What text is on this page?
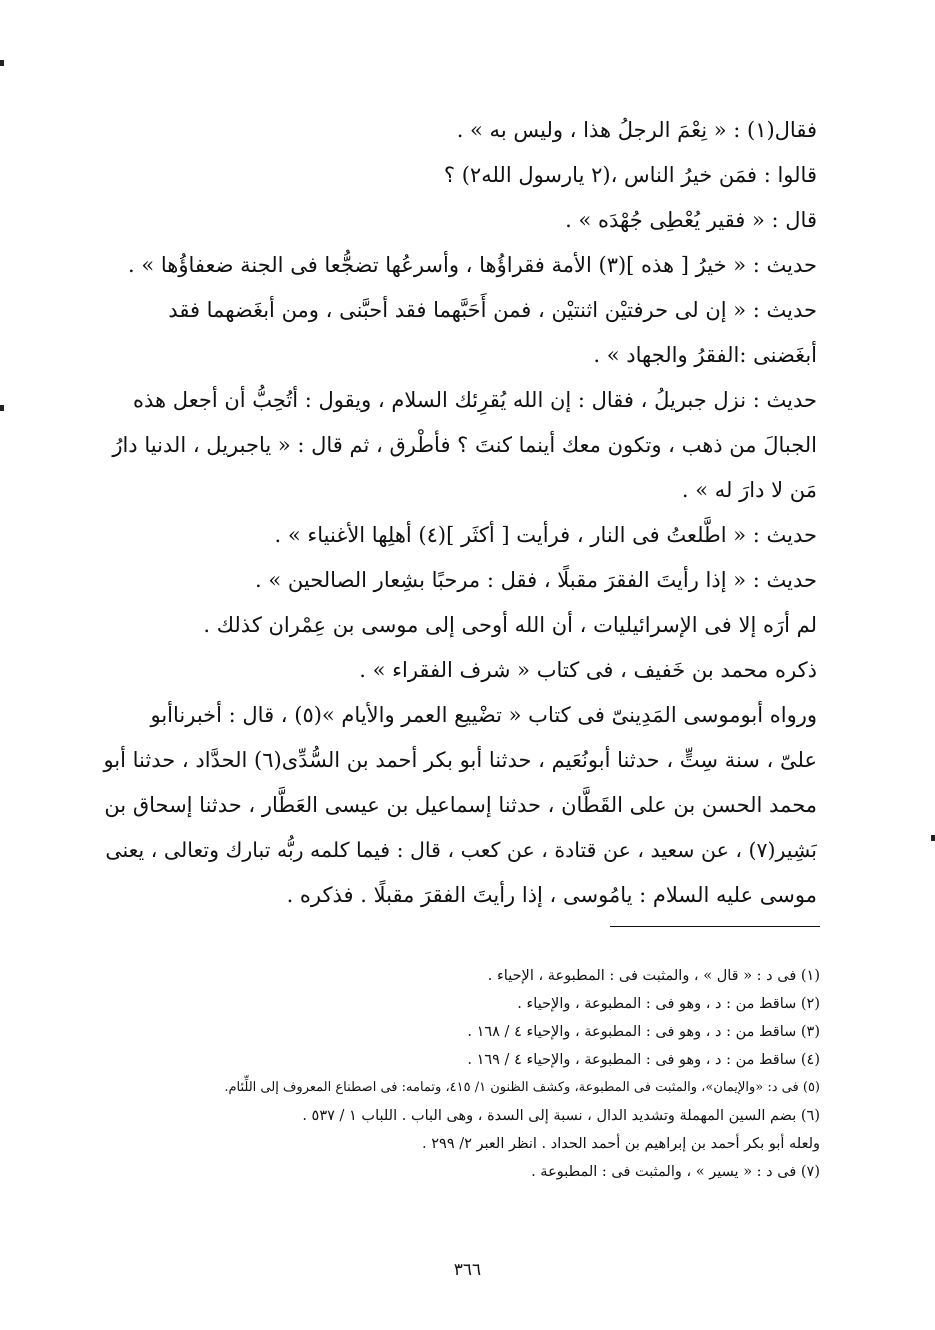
فقال(١) : « نِعْمَ الرجلُ هذا ، وليس به » .
قالوا : فمَن خيرُ الناس ،(٢ يارسول الله٢) ؟
قال : « فقير يُعْطِى جُهْدَه » .
حديث : « خيرُ [ هذه ](٣) الأمة فقراؤُها ، وأسرعُها تضجُّعا فى الجنة ضعفاؤُها » .
حديث : « إن لى حرفتيْن اثنتيْن ، فمن أَحَبَّهما فقد أحبَّنى ، ومن أبغَضهما فقد
أبغَضنى :الفقرُ والجهاد » .
حديث : نزل جبريلُ ، فقال : إن الله يُقرِئك السلام ، ويقول : أتُحِبُّ أن أجعل هذه
الجبالَ من ذهب ، وتكون معك أينما كنتَ ؟ فأطْرق ، ثم قال : « ياجبريل ، الدنيا دارُ
مَن لا دارَ له » .
حديث : « اطَّلعتُ فى النار ، فرأيت [ أكثَر ](٤) أهلِها الأغنياء » .
حديث : « إذا رأيتَ الفقرَ مقبلًا ، فقل : مرحبًا بشِعار الصالحين » .
لم أرَه إلا فى الإسرائيليات ، أن الله أوحى إلى موسى بن عِمْران كذلك .
ذكره محمد بن خَفيف ، فى كتاب « شرف الفقراء » .
ورواه أبوموسى المَدِينىّ فى كتاب « تضْييع العمر والأيام »(٥) ، قال : أخبرناأبو
علىّ ، سنة سِتٍّ ، حدثنا أبونُعَيم ، حدثنا أبو بكر أحمد بن السُّدِّى(٦) الحدَّاد ، حدثنا أبو
محمد الحسن بن على القَطَّان ، حدثنا إسماعيل بن عيسى العَطَّار ، حدثنا إسحاق بن
بَشِير(٧) ، عن سعيد ، عن قتادة ، عن كعب ، قال : فيما كلمه ربُّه تبارك وتعالى ، يعنى
موسى عليه السلام : يامُوسى ، إذا رأيتَ الفقرَ مقبلًا . فذكره .
(١) فى د : « قال » ، والمثبت فى : المطبوعة ، الإحياء .
(٢) ساقط من : د ، وهو فى : المطبوعة ، والإحياء .
(٣) ساقط من : د ، وهو فى : المطبوعة ، والإحياء ٤ / ١٦٨ .
(٤) ساقط من : د ، وهو فى : المطبوعة ، والإحياء ٤ / ١٦٩ .
(٥) فى د: «والإيمان»، والمثبت فى المطبوعة، وكشف الظنون ١/ ٤١٥، وتمامه: فى اصطناع المعروف إلى اللِّئام.
(٦) بضم السين المهملة وتشديد الدال ، نسبة إلى السدة ، وهى الباب . اللباب ١ / ٥٣٧ .
ولعله أبو بكر أحمد بن إبراهيم بن أحمد الحداد . انظر العبر ٢/ ٢٩٩ .
(٧) فى د : « يسير » ، والمثبت فى : المطبوعة .
٣٦٦
